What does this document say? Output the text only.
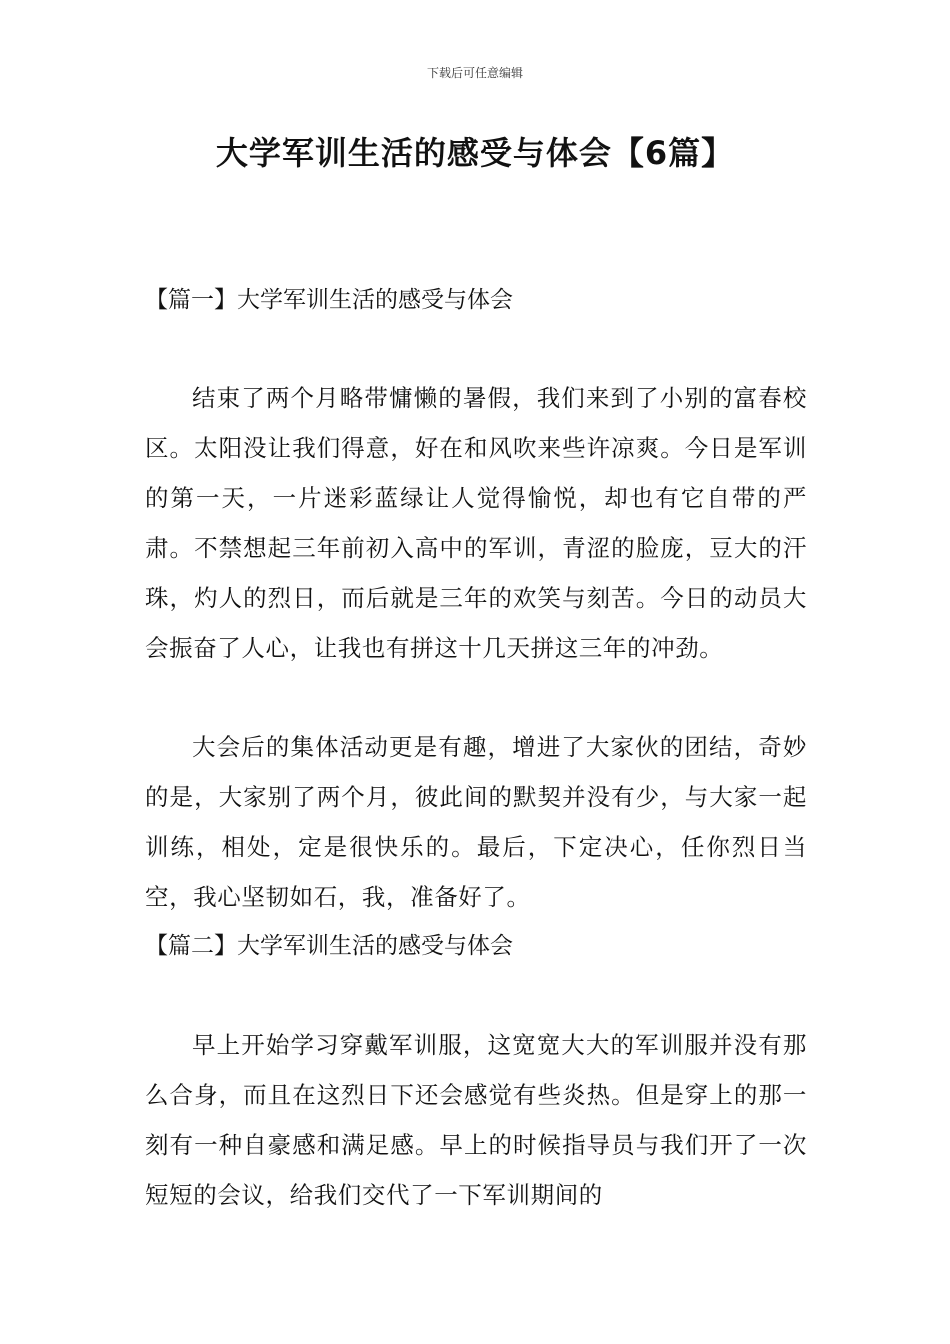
下载后可任意编辑
大学军训生活的感受与体会【6篇】
【篇一】大学军训生活的感受与体会

结束了两个月略带慵懒的暑假，我们来到了小别的富春校区。太阳没让我们得意，好在和风吹来些许凉爽。今日是军训的第一天，一片迷彩蓝绿让人觉得愉悦，却也有它自带的严肃。不禁想起三年前初入高中的军训，青涩的脸庞，豆大的汗珠，灼人的烈日，而后就是三年的欢笑与刻苦。今日的动员大会振奋了人心，让我也有拼这十几天拼这三年的冲劲。

大会后的集体活动更是有趣，增进了大家伙的团结，奇妙的是，大家别了两个月，彼此间的默契并没有少，与大家一起训练，相处，定是很快乐的。最后，下定决心，任你烈日当空，我心坚韧如石，我，准备好了。

【篇二】大学军训生活的感受与体会

早上开始学习穿戴军训服，这宽宽大大的军训服并没有那么合身，而且在这烈日下还会感觉有些炎热。但是穿上的那一刻有一种自豪感和满足感。早上的时候指导员与我们开了一次短短的会议，给我们交代了一下军训期间的
